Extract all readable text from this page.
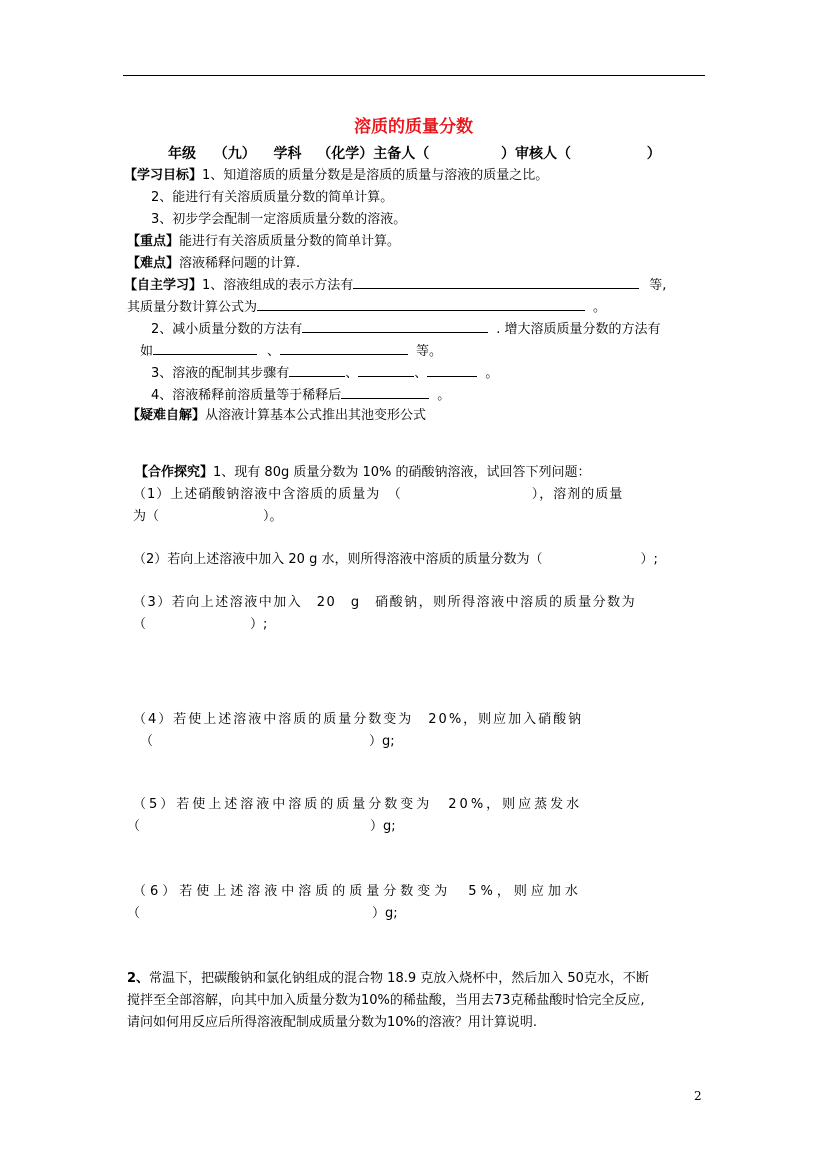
溶质的质量分数
年级 （九） 学科 （化学）主备人（	）审核人（	）
【学习目标】1、知道溶质的质量分数是是溶质的质量与溶液的质量之比。
2、能进行有关溶质质量分数的简单计算。
3、初步学会配制一定溶质质量分数的溶液。
【重点】能进行有关溶质质量分数的简单计算。
【难点】溶液稀释问题的计算.
【自主学习】1、溶液组成的表示方法有	等,
其质量分数计算公式为	。
2、减小质量分数的方法有	. 增大溶质质量分数的方法有
如	、	等。
3、溶液的配制其步骤有	、	、	。
4、溶液稀释前溶质量等于稀释后	。
【疑难自解】从溶液计算基本公式推出其池变形公式
【合作探究】1、现有 80g 质量分数为 10% 的硝酸钠溶液，试回答下列问题：
（1）上述硝酸钠溶液中含溶质的质量为　（	），溶剂的质量
为（	）。
（2）若向上述溶液中加入 20 g 水，则所得溶液中溶质的质量分数为（	）;
（3）若向上述溶液中加入　20　g　硝酸钠，则所得溶液中溶质的质量分数为
（	）;
（4）若使上述溶液中溶质的质量分数变为　20%，则应加入硝酸钠
（	）g;
（5）若使上述溶液中溶质的质量分数变为　20%，则应蒸发水
（	）g;
（6）若使上述溶液中溶质的质量分数变为　5%，则应加水
（	）g;
2、常温下，把碳酸钠和氯化钠组成的混合物 18.9 克放入烧杯中，然后加入 50克水，不断
搅拌至全部溶解，向其中加入质量分数为10%的稀盐酸，当用去73克稀盐酸时恰完全反应,
请问如何用反应后所得溶液配制成质量分数为10%的溶液？用计算说明.
2
